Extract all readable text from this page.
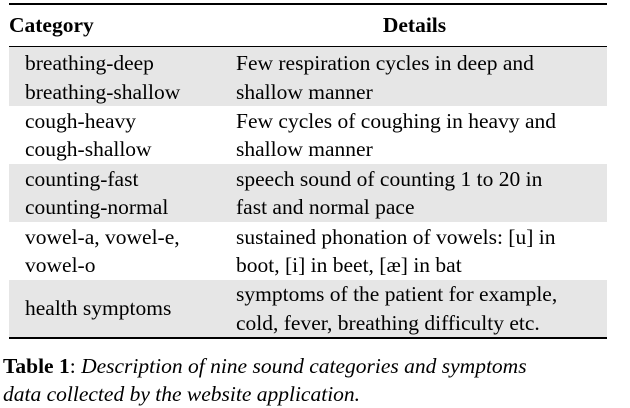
Category	Details

breathing-deep
breathing-shallow	Few respiration cycles in deep and
shallow manner

cough-heavy
cough-shallow	Few cycles of coughing in heavy and
shallow manner

counting-fast
counting-normal	speech sound of counting 1 to 20 in
fast and normal pace

vowel-a, vowel-e,
vowel-o	sustained phonation of vowels: [u] in
boot, [i] in beet, [æ] in bat

health symptoms	symptoms of the patient for example,
cold, fever, breathing difficulty etc.
Table 1: Description of nine sound categories and symptoms
data collected by the website application.
